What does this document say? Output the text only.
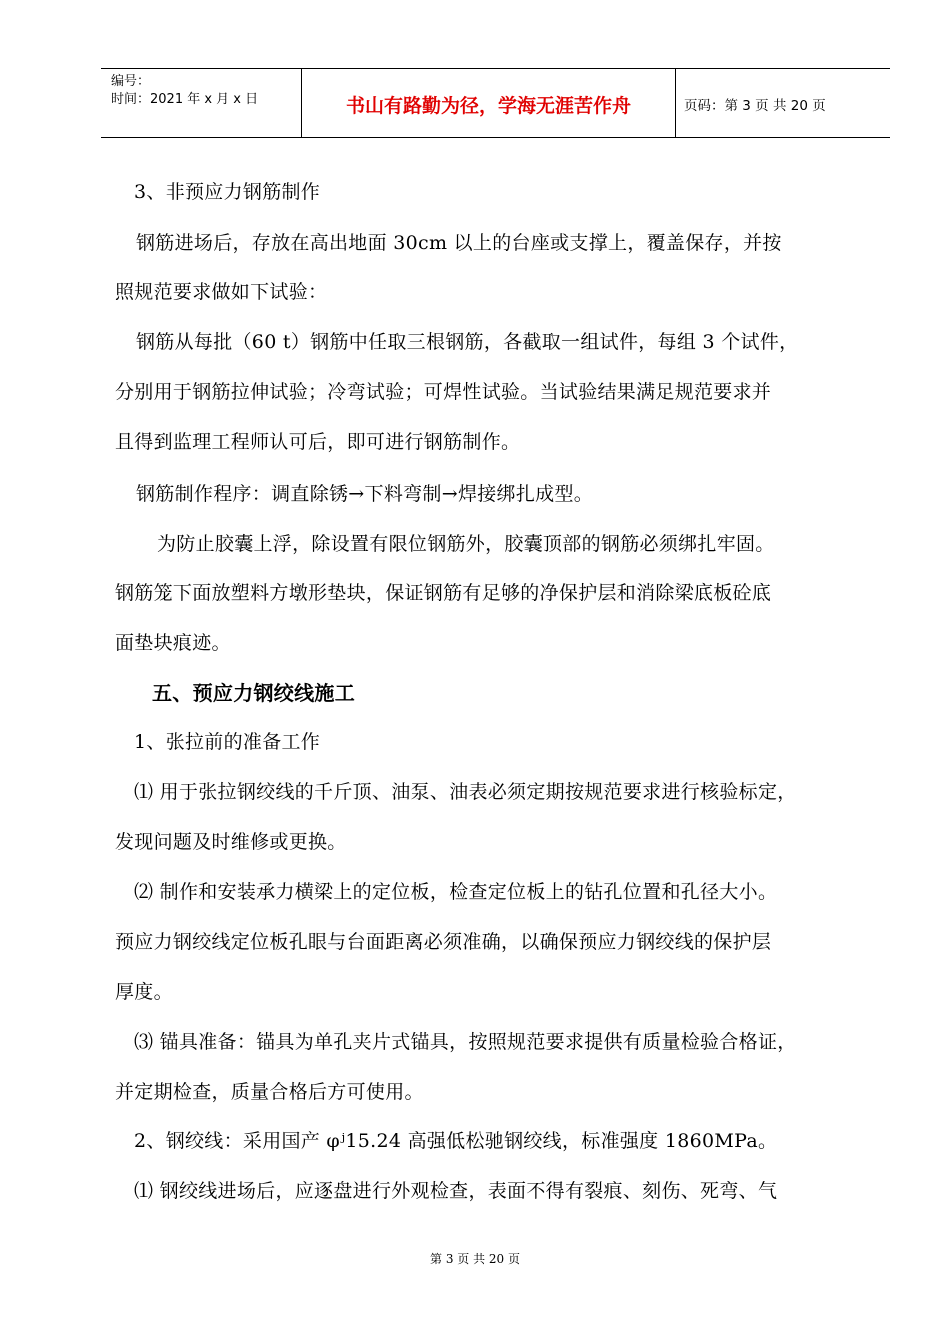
编号：
时间：2021 年 x 月 x 日	书山有路勤为径，学海无涯苦作舟	页码：第 3 页 共 20 页
3、非预应力钢筋制作
钢筋进场后，存放在高出地面 30cm 以上的台座或支撑上，覆盖保存，并按
照规范要求做如下试验：
钢筋从每批（60 t）钢筋中任取三根钢筋，各截取一组试件，每组 3 个试件，
分别用于钢筋拉伸试验；冷弯试验；可焊性试验。当试验结果满足规范要求并
且得到监理工程师认可后，即可进行钢筋制作。
钢筋制作程序：调直除锈→下料弯制→焊接绑扎成型。
为防止胶囊上浮，除设置有限位钢筋外，胶囊顶部的钢筋必须绑扎牢固。
钢筋笼下面放塑料方墩形垫块，保证钢筋有足够的净保护层和消除梁底板砼底
面垫块痕迹。
五、预应力钢绞线施工
1、张拉前的准备工作
⑴ 用于张拉钢绞线的千斤顶、油泵、油表必须定期按规范要求进行核验标定，
发现问题及时维修或更换。
⑵ 制作和安装承力横梁上的定位板，检查定位板上的钻孔位置和孔径大小。
预应力钢绞线定位板孔眼与台面距离必须准确，以确保预应力钢绞线的保护层
厚度。
⑶ 锚具准备：锚具为单孔夹片式锚具，按照规范要求提供有质量检验合格证，
并定期检查，质量合格后方可使用。
2、钢绞线：采用国产 φʲ15.24 高强低松驰钢绞线，标准强度 1860MPa。
⑴ 钢绞线进场后，应逐盘进行外观检查，表面不得有裂痕、刻伤、死弯、气
第 3 页 共 20 页
